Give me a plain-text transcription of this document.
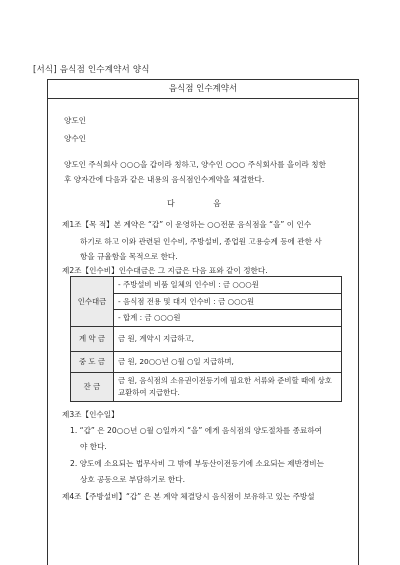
[서식] 음식점 인수계약서 양식
음식점 인수계약서
양도인
양수인
양도인 주식회사 ○○○을 갑이라 칭하고, 양수인 ○○○ 주식회사를 을이라 칭한
후 양자간에 다음과 같은 내용의 음식점인수계약을 체결한다.
다 음
제1조【목 적】본 계약은 “갑” 이 운영하는 ○○전문 음식점을 “을” 이 인수
하기로 하고 이와 관련된 인수비, 주방설비, 종업원 고용승계 등에 관한 사
항을 규율함을 목적으로 한다.
제2조【인수비】인수대금은 그 지급은 다음 표와 같이 정한다.
인수대금	- 주방설비 비품 일체의 인수비 : 금 ○○○원
	- 음식점 전용 및 대지 인수비 : 금 ○○○원
	- 합계 : 금 ○○○원
계 약 금	금 원, 계약시 지급하고,
중 도 금	금 원, 20○○년 ○월 ○일 지급하며,
잔 금	금 원, 음식점의 소유권이전등기에 필요한 서류와 준비할 때에 상호 교환하여 지급한다.
제3조【인수일】
1. “갑” 은 20○○년 ○월 ○일까지 “을” 에게 음식점의 양도절차를 종료하여
야 한다.
2. 양도에 소요되는 법무사비 그 밖에 부동산이전등기에 소요되는 제반경비는
상호 공동으로 부담하기로 한다.
제4조【주방설비】“갑” 은 본 계약 체결당시 음식점이 보유하고 있는 주방설
